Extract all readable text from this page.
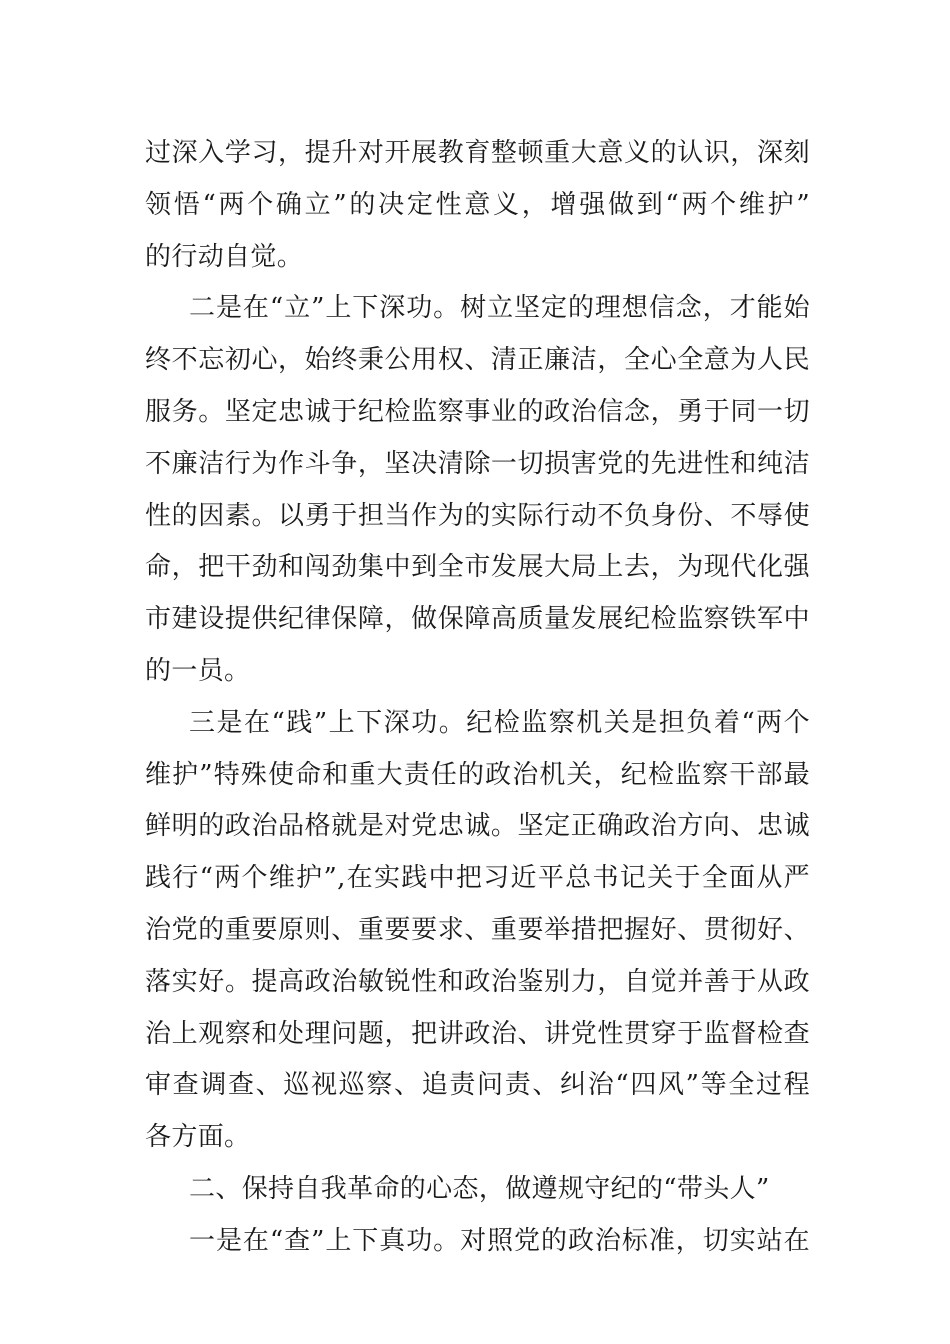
过深入学习，提升对开展教育整顿重大意义的认识，深刻
领悟“两个确立”的决定性意义，增强做到“两个维护”
的行动自觉。
二是在“立”上下深功。树立坚定的理想信念，才能始
终不忘初心，始终秉公用权、清正廉洁，全心全意为人民
服务。坚定忠诚于纪检监察事业的政治信念，勇于同一切
不廉洁行为作斗争，坚决清除一切损害党的先进性和纯洁
性的因素。以勇于担当作为的实际行动不负身份、不辱使
命，把干劲和闯劲集中到全市发展大局上去，为现代化强
市建设提供纪律保障，做保障高质量发展纪检监察铁军中
的一员。
三是在“践”上下深功。纪检监察机关是担负着“两个
维护”特殊使命和重大责任的政治机关，纪检监察干部最
鲜明的政治品格就是对党忠诚。坚定正确政治方向、忠诚
践行“两个维护”,在实践中把习近平总书记关于全面从严
治党的重要原则、重要要求、重要举措把握好、贯彻好、
落实好。提高政治敏锐性和政治鉴别力，自觉并善于从政
治上观察和处理问题，把讲政治、讲党性贯穿于监督检查
审查调查、巡视巡察、追责问责、纠治“四风”等全过程
各方面。
二、保持自我革命的心态，做遵规守纪的“带头人”
一是在“查”上下真功。对照党的政治标准，切实站在
